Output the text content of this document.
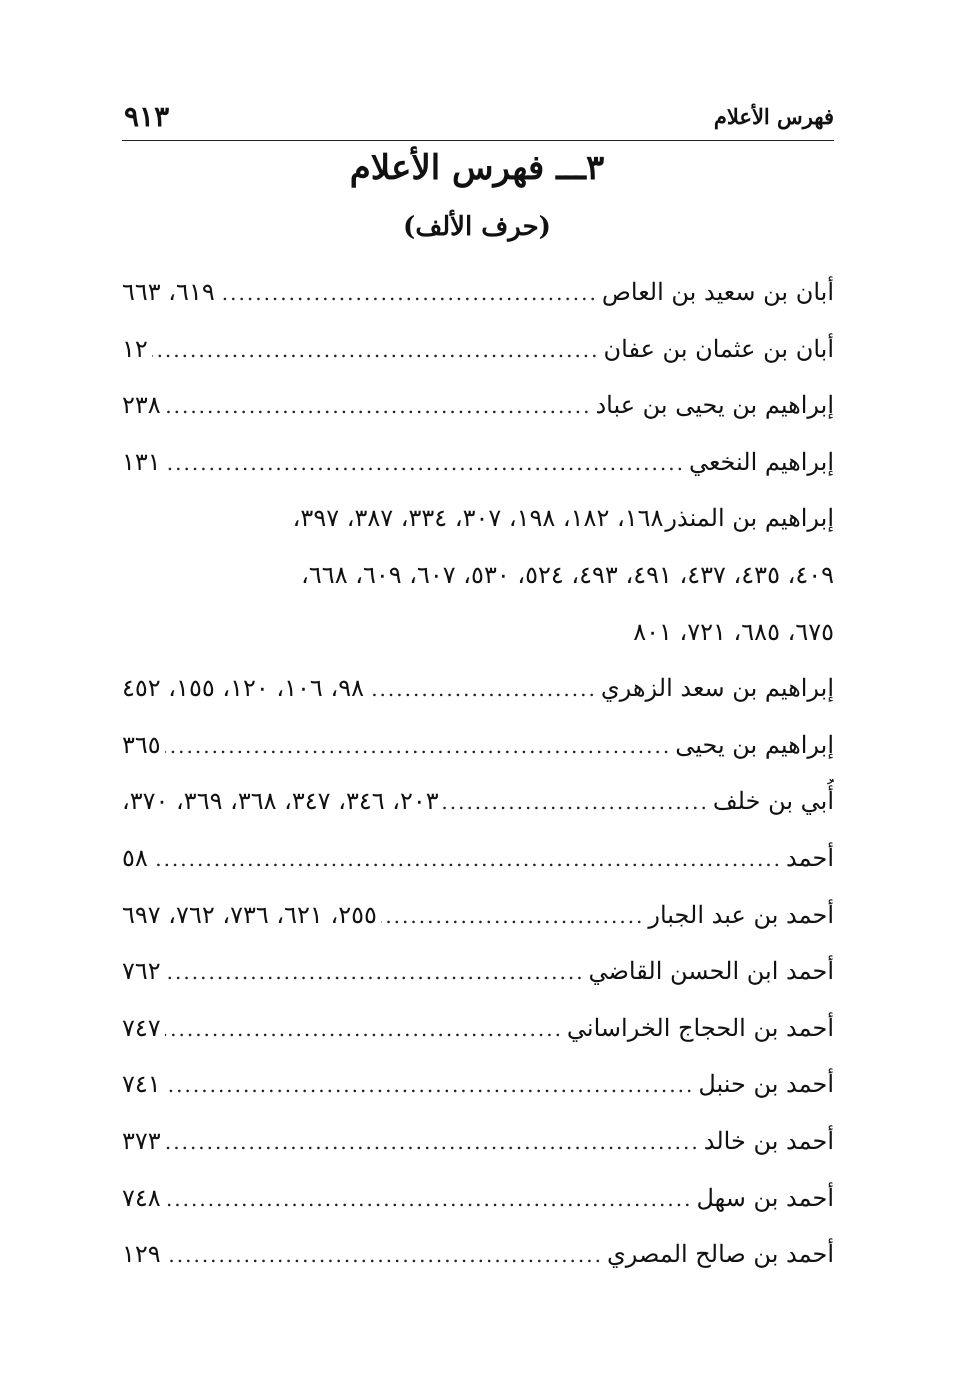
فهرس الأعلام
٩١٣
٣ـــ فهرس الأعلام
(حرف الألف)
أبان بن سعيد بن العاص
.....
٦١٩، ٦٦٣
أبان بن عثمان بن عفان
.....
١٢
إبراهيم بن يحيى بن عباد
.....
٢٣٨
إبراهيم النخعي
.....
١٣١
إبراهيم بن المنذر
١٦٨، ١٨٢، ١٩٨، ٣٠٧، ٣٣٤، ٣٨٧، ٣٩٧،
٤٠٩، ٤٣٥، ٤٣٧، ٤٩١، ٤٩٣، ٥٢٤، ٥٣٠، ٦٠٧، ٦٠٩، ٦٦٨،
٦٧٥، ٦٨٥، ٧٢١، ٨٠١
إبراهيم بن سعد الزهري
.....
٩٨، ١٠٦، ١٢٠، ١٥٥، ٤٥٢
إبراهيم بن يحيى
.....
٣٦٥
أُبي بن خلف
.....
٢٠٣، ٣٤٦، ٣٤٧، ٣٦٨، ٣٦٩، ٣٧٠،
أحمد
.....
٥٨
أحمد بن عبد الجبار
.....
٢٥٥، ٦٢١، ٧٣٦، ٧٦٢، ٦٩٧
أحمد ابن الحسن القاضي
.....
٧٦٢
أحمد بن الحجاج الخراساني
.....
٧٤٧
أحمد بن حنبل
.....
٧٤١
أحمد بن خالد
.....
٣٧٣
أحمد بن سهل
.....
٧٤٨
أحمد بن صالح المصري
.....
١٢٩
